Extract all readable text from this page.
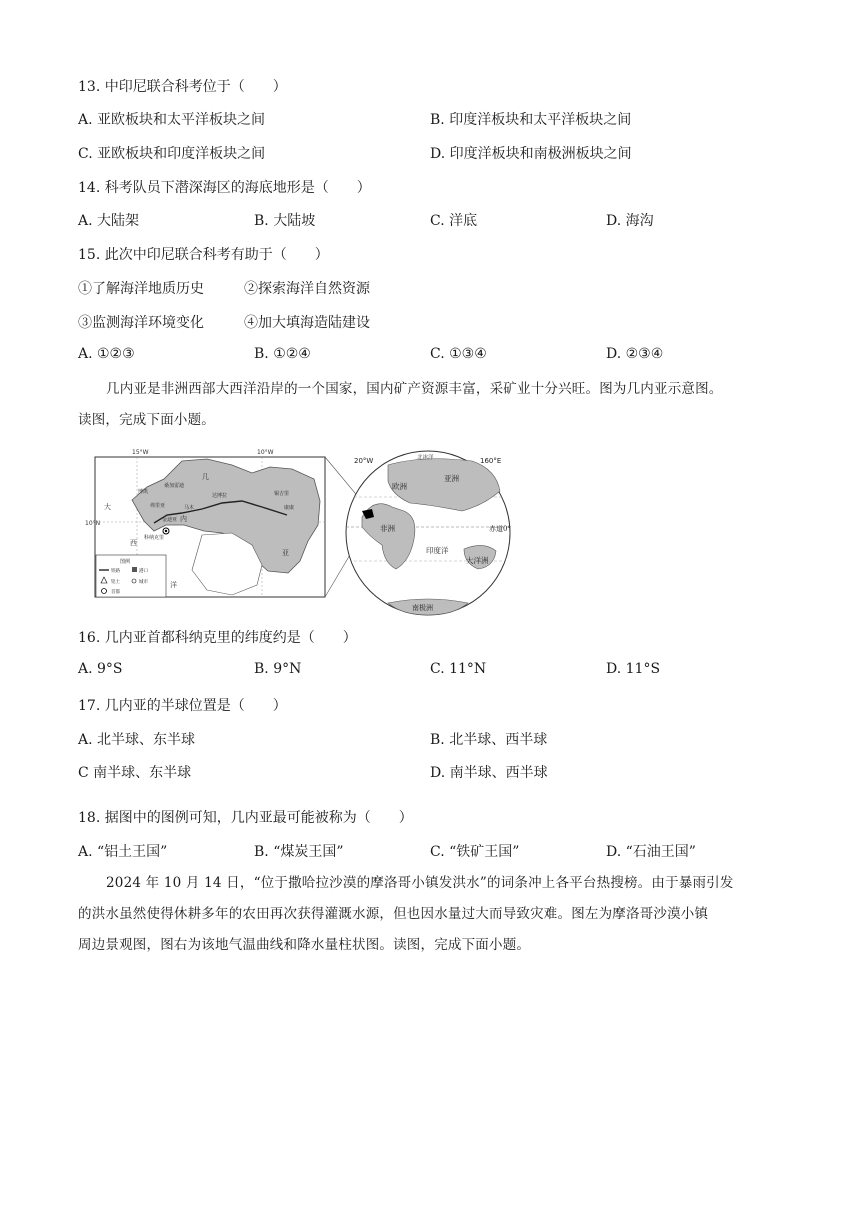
13. 中印尼联合科考位于（　　）
A. 亚欧板块和太平洋板块之间	B. 印度洋板块和太平洋板块之间
C. 亚欧板块和印度洋板块之间	D. 印度洋板块和南极洲板块之间
14. 科考队员下潜深海区的海底地形是（　　）
A. 大陆架	B. 大陆坡	C. 洋底	D. 海沟
15. 此次中印尼联合科考有助于（　　）
①了解海洋地质历史	②探索海洋自然资源
③监测海洋环境变化	④加大填海造陆建设
A. ①②③	B. ①②④	C. ①③④	D. ②③④

几内亚是非洲西部大西洋沿岸的一个国家，国内矿产资源丰富，采矿业十分兴旺。图为几内亚示意图。

读图，完成下面小题。
15°W	10°W
10°N
几
内
亚
大
西
洋
博凯
桑加雷迪
达博拉	锡吉里
康康
弗里亚
科纳克里
金迪亚
马木
图例
铁路	港口
铝土	城市
首都
20°W	160°E
北冰洋
欧洲
亚洲
非洲
印度洋
大洋洲
南极洲
赤道0°
16. 几内亚首都科纳克里的纬度约是（　　）
A. 9°S	B. 9°N	C. 11°N	D. 11°S
17. 几内亚的半球位置是（　　）
A. 北半球、东半球	B. 北半球、西半球
C 南半球、东半球	D. 南半球、西半球
18. 据图中的图例可知，几内亚最可能被称为（　　）
A. “铝土王国”	B. “煤炭王国”	C. “铁矿王国”	D. “石油王国”

2024 年 10 月 14 日，“位于撒哈拉沙漠的摩洛哥小镇发洪水”的词条冲上各平台热搜榜。由于暴雨引发

的洪水虽然使得休耕多年的农田再次获得灌溉水源，但也因水量过大而导致灾难。图左为摩洛哥沙漠小镇
周边景观图，图右为该地气温曲线和降水量柱状图。读图，完成下面小题。
